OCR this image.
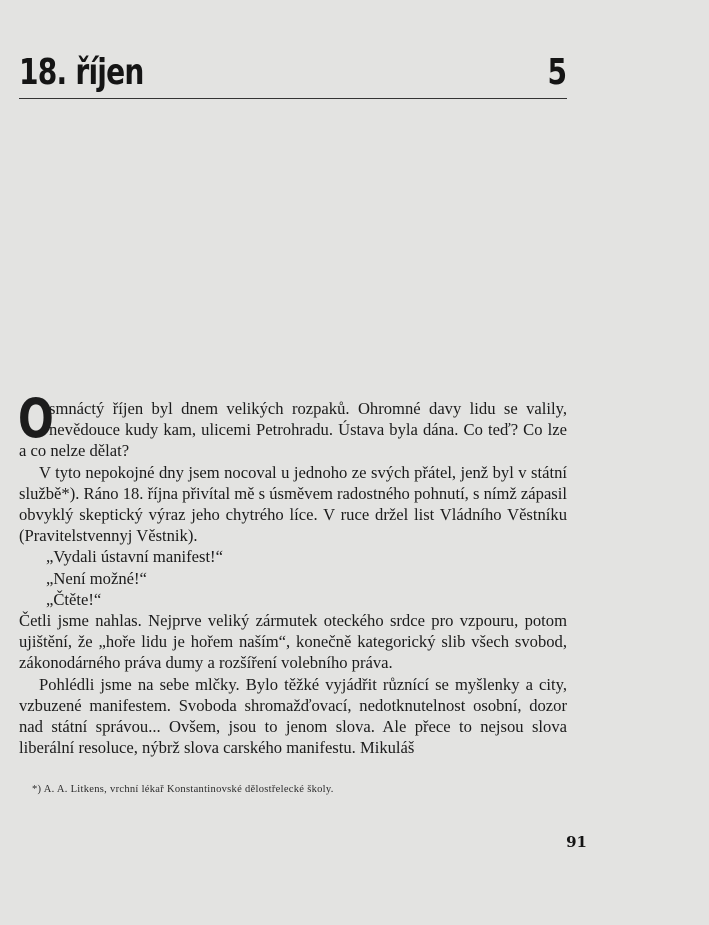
18. říjen	5

O
smnáctý říjen byl dnem velikých rozpaků. Ohromné davy lidu se valily, nevědouce kudy kam, ulicemi Petrohradu. Ústava byla dána. Co teď? Co lze a co nelze dělat?

V tyto nepokojné dny jsem nocoval u jednoho ze svých přátel, jenž byl v státní službě*). Ráno 18. října přivítal mě s úsměvem radostného pohnutí, s nímž zápasil obvyklý skeptický výraz jeho chytrého líce. V ruce držel list Vládního Věstníku (Pravitelstvennyj Věstnik).

„Vydali ústavní manifest!“

„Není možné!“

„Čtěte!“

Četli jsme nahlas. Nejprve veliký zármutek oteckého srdce pro vzpouru, potom ujištění, že „hoře lidu je hořem naším“, konečně kategorický slib všech svobod, zákonodárného práva dumy a rozšíření volebního práva.

Pohlédli jsme na sebe mlčky. Bylo těžké vyjádřit různící se myšlenky a city, vzbuzené manifestem. Svoboda shromažďovací, nedotknutelnost osobní, dozor nad státní správou... Ovšem, jsou to jenom slova. Ale přece to nejsou slova liberální resoluce, nýbrž slova carského manifestu. Mikuláš

*) A. A. Litkens, vrchní lékař Konstantinovské dělostřelecké školy.
91
